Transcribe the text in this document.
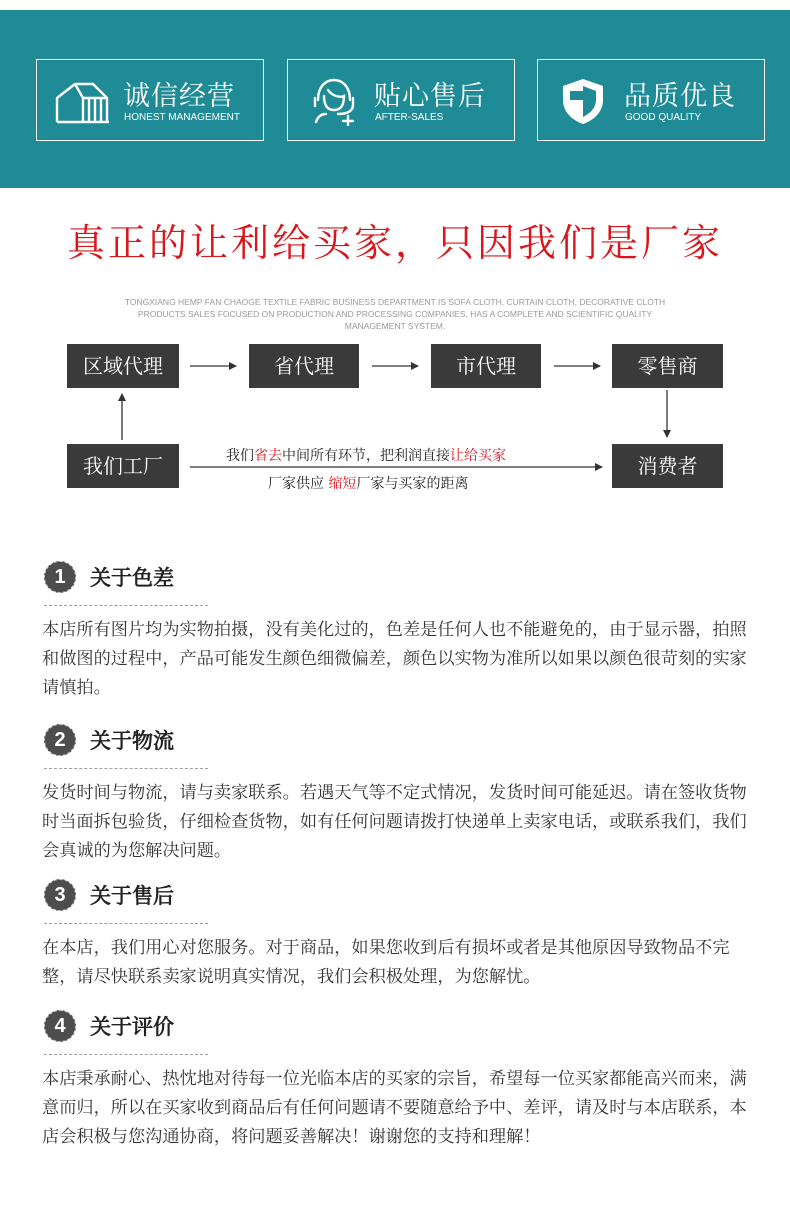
诚信经营
HONEST MANAGEMENT
贴心售后
AFTER-SALES
品质优良
GOOD QUALITY
真正的让利给买家，只因我们是厂家
TONGXIANG HEMP FAN CHAOGE TEXTILE FABRIC BUSINESS DEPARTMENT IS SOFA CLOTH, CURTAIN CLOTH, DECORATIVE CLOTH PRODUCTS SALES FOCUSED ON PRODUCTION AND PROCESSING COMPANIES, HAS A COMPLETE AND SCIENTIFIC QUALITY MANAGEMENT SYSTEM.
区域代理	省代理	市代理	零售商
我们工厂	消费者
我们省去中间所有环节，把利润直接让给买家
厂家供应 缩短厂家与买家的距离
1	关于色差
本店所有图片均为实物拍摄，没有美化过的，色差是任何人也不能避免的，由于显示器，拍照和做图的过程中，产品可能发生颜色细微偏差，颜色以实物为准所以如果以颜色很苛刻的实家请慎拍。
2	关于物流
发货时间与物流，请与卖家联系。若遇天气等不定式情况，发货时间可能延迟。请在签收货物时当面拆包验货，仔细检查货物，如有任何问题请拨打快递单上卖家电话，或联系我们，我们会真诚的为您解决问题。
3	关于售后
在本店，我们用心对您服务。对于商品，如果您收到后有损坏或者是其他原因导致物品不完整，请尽快联系卖家说明真实情况，我们会积极处理，为您解忧。
4	关于评价
本店秉承耐心、热忱地对待每一位光临本店的买家的宗旨，希望每一位买家都能高兴而来，满意而归，所以在买家收到商品后有任何问题请不要随意给予中、差评，请及时与本店联系，本店会积极与您沟通协商，将问题妥善解决！谢谢您的支持和理解！
